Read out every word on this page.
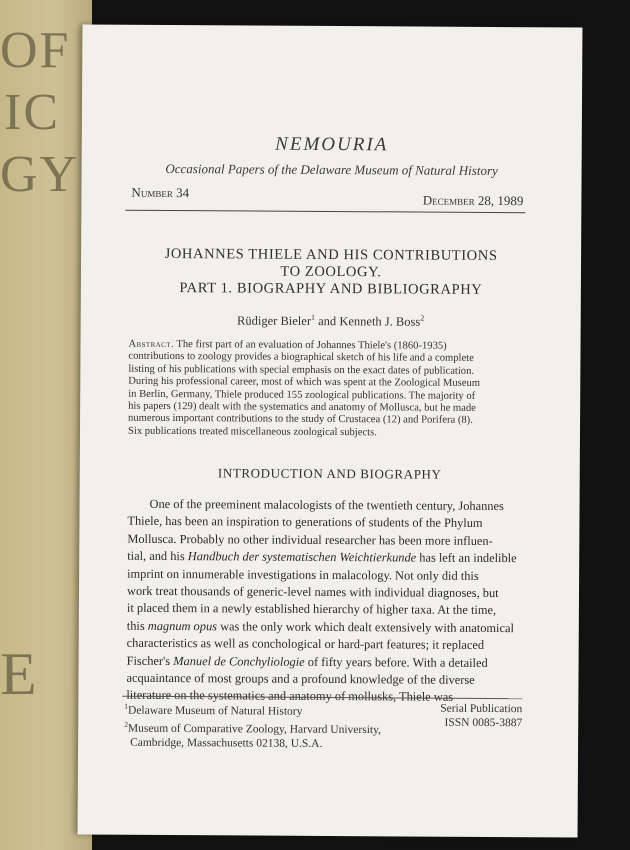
OF
IC
GY
E
NEMOURIA
Occasional Papers of the Delaware Museum of Natural History
Number 34
December 28, 1989
JOHANNES THIELE AND HIS CONTRIBUTIONS
TO ZOOLOGY.
PART 1. BIOGRAPHY AND BIBLIOGRAPHY
Rüdiger Bieler$^1$ and Kenneth J. Boss$^2$
Abstract. The first part of an evaluation of Johannes Thiele's (1860-1935)
contributions to zoology provides a biographical sketch of his life and a complete
listing of his publications with special emphasis on the exact dates of publication.
During his professional career, most of which was spent at the Zoological Museum
in Berlin, Germany, Thiele produced 155 zoological publications. The majority of
his papers (129) dealt with the systematics and anatomy of Mollusca, but he made
numerous important contributions to the study of Crustacea (12) and Porifera (8).
Six publications treated miscellaneous zoological subjects.
INTRODUCTION AND BIOGRAPHY
One of the preeminent malacologists of the twentieth century, Johannes
Thiele, has been an inspiration to generations of students of the Phylum
Mollusca. Probably no other individual researcher has been more influen-
tial, and his Handbuch der systematischen Weichtierkunde has left an indelible
imprint on innumerable investigations in malacology. Not only did this
work treat thousands of generic-level names with individual diagnoses, but
it placed them in a newly established hierarchy of higher taxa. At the time,
this magnum opus was the only work which dealt extensively with anatomical
characteristics as well as conchological or hard-part features; it replaced
Fischer's Manuel de Conchyliologie of fifty years before. With a detailed
acquaintance of most groups and a profound knowledge of the diverse
literature on the systematics and anatomy of mollusks, Thiele was
$^1$Delaware Museum of Natural History
$^2$Museum of Comparative Zoology, Harvard University,
Cambridge, Massachusetts 02138, U.S.A.
Serial Publication
ISSN 0085-3887
